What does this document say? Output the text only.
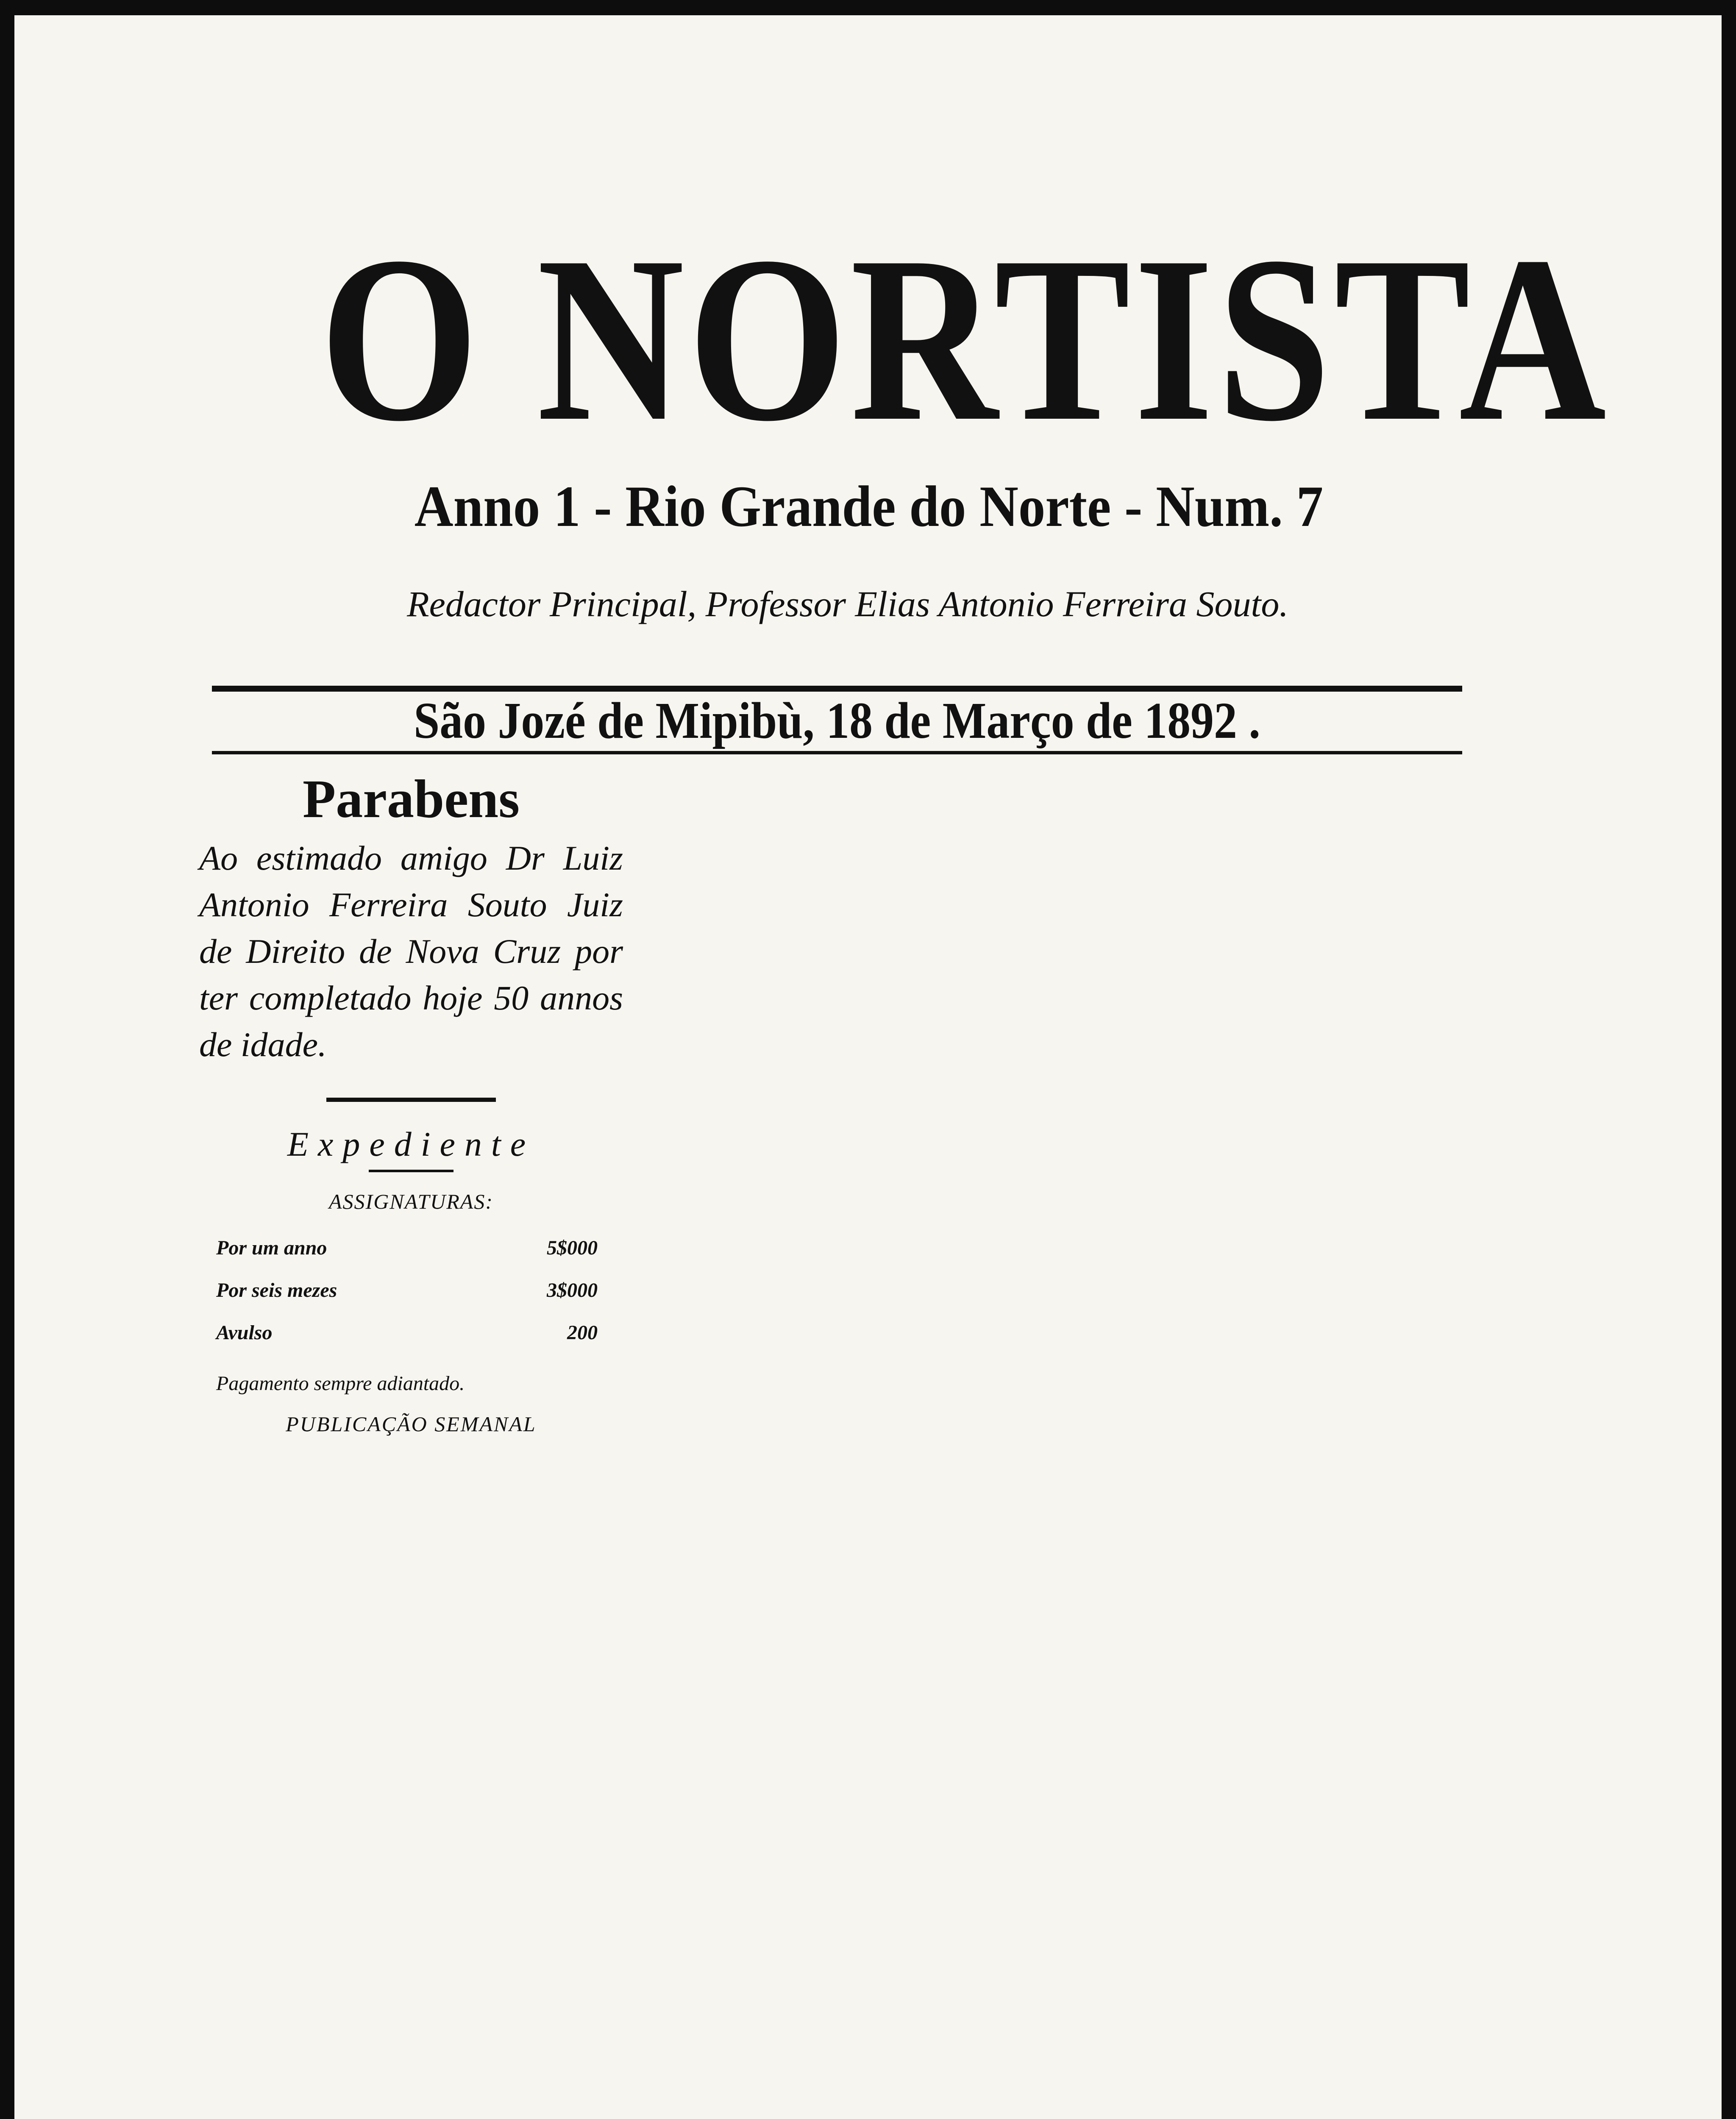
O NORTISTA
Anno 1 - Rio Grande do Norte - Num. 7
Redactor Principal, Professor Elias Antonio Ferreira Souto.
São Jozé de Mipibù, 18 de Março de 1892 .
Parabens
Ao estimado amigo Dr Luiz Antonio Ferreira Souto Juiz de Direito de Nova Cruz por ter completado hoje 50 annos de idade.
Expediente
ASSIGNATURAS:
Por um anno	5$000
Por seis mezes	3$000
Avulso	200
Pagamento sempre adiantado.
PUBLICAÇÃO SEMANAL
